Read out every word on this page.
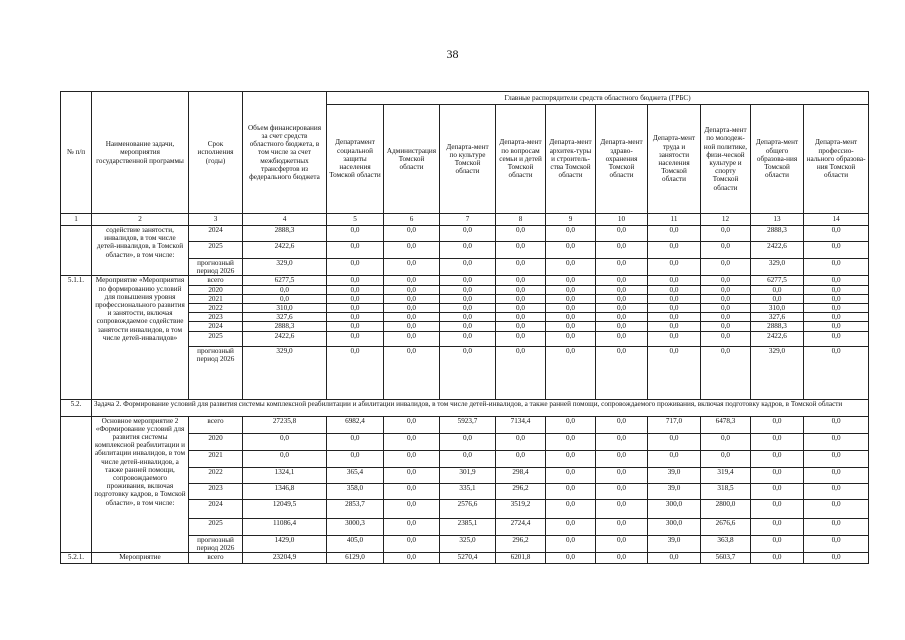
38
№ п/п	Наименование задачи, мероприятия государственной программы	Срок исполнения (годы)	Объем финансирования за счет средств областного бюджета, в том числе за счет межбюджетных трансфертов из федерального бюджета	Главные распорядители средств областного бюджета (ГРБС)									
				Департамент социальной защиты населения Томской области	Администрация Томской области	Департа-мент по культуре Томской области	Департа-мент по вопросам семьи и детей Томской области	Департа-мент архитек-туры и строитель-ства Томской области	Департа-мент здраво-охранения Томской области	Департа-мент труда и занятости населения Томской области	Департа-мент по молодеж-ной политике, физи-ческой культуре и спорту Томской области	Департа-мент общего образова-ния Томской области	Департа-мент профессио-нального образова-ния Томской области
1	2	3	4	5	6	7	8	9	10	11	12	13	14
	содействие занятости, инвалидов, в том числе детей-инвалидов, в Томской области», в том числе:	2024	2888,3	0,0	0,0	0,0	0,0	0,0	0,0	0,0	0,0	2888,3	0,0
		2025	2422,6	0,0	0,0	0,0	0,0	0,0	0,0	0,0	0,0	2422,6	0,0
		прогнозный период 2026	329,0	0,0	0,0	0,0	0,0	0,0	0,0	0,0	0,0	329,0	0,0
5.1.1.	Мероприятие «Мероприятия по формированию условий для повышения уровня профессионального развития и занятости, включая сопровождаемое содействие занятости инвалидов, в том числе детей-инвалидов»	всего	6277,5	0,0	0,0	0,0	0,0	0,0	0,0	0,0	0,0	6277,5	0,0
		2020	0,0	0,0	0,0	0,0	0,0	0,0	0,0	0,0	0,0	0,0	0,0
		2021	0,0	0,0	0,0	0,0	0,0	0,0	0,0	0,0	0,0	0,0	0,0
		2022	310,0	0,0	0,0	0,0	0,0	0,0	0,0	0,0	0,0	310,0	0,0
		2023	327,6	0,0	0,0	0,0	0,0	0,0	0,0	0,0	0,0	327,6	0,0
		2024	2888,3	0,0	0,0	0,0	0,0	0,0	0,0	0,0	0,0	2888,3	0,0
		2025	2422,6	0,0	0,0	0,0	0,0	0,0	0,0	0,0	0,0	2422,6	0,0
		прогнозный период 2026	329,0	0,0	0,0	0,0	0,0	0,0	0,0	0,0	0,0	329,0	0,0
5.2.	Задача 2. Формирование условий для развития системы комплексной реабилитации и абилитации инвалидов, в том числе детей-инвалидов, а также ранней помощи, сопровождаемого проживания, включая подготовку кадров, в Томской области												
	Основное мероприятие 2 «Формирование условий для развития системы комплексной реабилитации и абилитации инвалидов, в том числе детей-инвалидов, а также ранней помощи, сопровождаемого проживания, включая подготовку кадров, в Томской области», в том числе:	всего	27235,8	6982,4	0,0	5923,7	7134,4	0,0	0,0	717,0	6478,3	0,0	0,0
		2020	0,0	0,0	0,0	0,0	0,0	0,0	0,0	0,0	0,0	0,0	0,0
		2021	0,0	0,0	0,0	0,0	0,0	0,0	0,0	0,0	0,0	0,0	0,0
		2022	1324,1	365,4	0,0	301,9	298,4	0,0	0,0	39,0	319,4	0,0	0,0
		2023	1346,8	358,0	0,0	335,1	296,2	0,0	0,0	39,0	318,5	0,0	0,0
		2024	12049,5	2853,7	0,0	2576,6	3519,2	0,0	0,0	300,0	2800,0	0,0	0,0
		2025	11086,4	3000,3	0,0	2385,1	2724,4	0,0	0,0	300,0	2676,6	0,0	0,0
		прогнозный период 2026	1429,0	405,0	0,0	325,0	296,2	0,0	0,0	39,0	363,8	0,0	0,0
5.2.1.	Мероприятие	всего	23204,9	6129,0	0,0	5270,4	6201,8	0,0	0,0	0,0	5603,7	0,0	0,0
